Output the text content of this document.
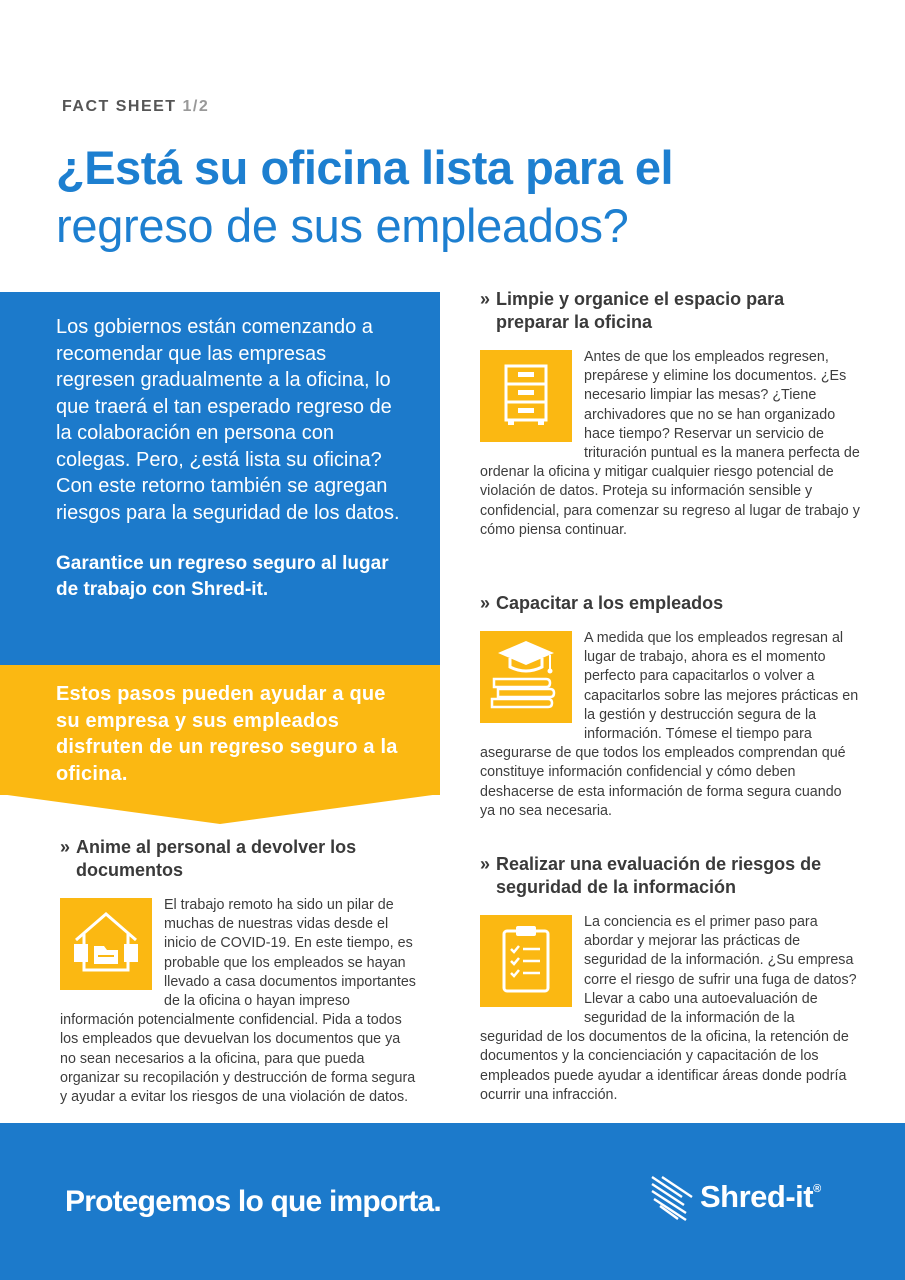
FACT SHEET 1/2
¿Está su oficina lista para el
regreso de sus empleados?

Los gobiernos están comenzando a recomendar que las empresas regresen gradualmente a la oficina, lo que traerá el tan esperado regreso de la colaboración en persona con colegas. Pero, ¿está lista su oficina? Con este retorno también se agregan riesgos para la seguridad de los datos.

Garantice un regreso seguro al lugar de trabajo con Shred-it.

Estos pasos pueden ayudar a que su empresa y sus empleados disfruten de un regreso seguro a la oficina.

» Limpie y organice el espacio para preparar la oficina
Antes de que los empleados regresen, prepárese y elimine los documentos. ¿Es necesario limpiar las mesas? ¿Tiene archivadores que no se han organizado hace tiempo? Reservar un servicio de trituración puntual es la manera perfecta de ordenar la oficina y mitigar cualquier riesgo potencial de violación de datos. Proteja su información sensible y confidencial, para comenzar su regreso al lugar de trabajo y cómo piensa continuar.
» Capacitar a los empleados
A medida que los empleados regresan al lugar de trabajo, ahora es el momento perfecto para capacitarlos o volver a capacitarlos sobre las mejores prácticas en la gestión y destrucción segura de la información. Tómese el tiempo para asegurarse de que todos los empleados comprendan qué constituye información confidencial y cómo deben deshacerse de esta información de forma segura cuando ya no sea necesaria.
» Realizar una evaluación de riesgos de seguridad de la información
La conciencia es el primer paso para abordar y mejorar las prácticas de seguridad de la información. ¿Su empresa corre el riesgo de sufrir una fuga de datos? Llevar a cabo una autoevaluación de seguridad de la información de la seguridad de los documentos de la oficina, la retención de documentos y la concienciación y capacitación de los empleados puede ayudar a identificar áreas donde podría ocurrir una infracción.
» Anime al personal a devolver los documentos
El trabajo remoto ha sido un pilar de muchas de nuestras vidas desde el inicio de COVID-19. En este tiempo, es probable que los empleados se hayan llevado a casa documentos importantes de la oficina o hayan impreso información potencialmente confidencial. Pida a todos los empleados que devuelvan los documentos que ya no sean necesarios a la oficina, para que pueda organizar su recopilación y destrucción de forma segura y ayudar a evitar los riesgos de una violación de datos.
Protegemos lo que importa.	Shred-it®
